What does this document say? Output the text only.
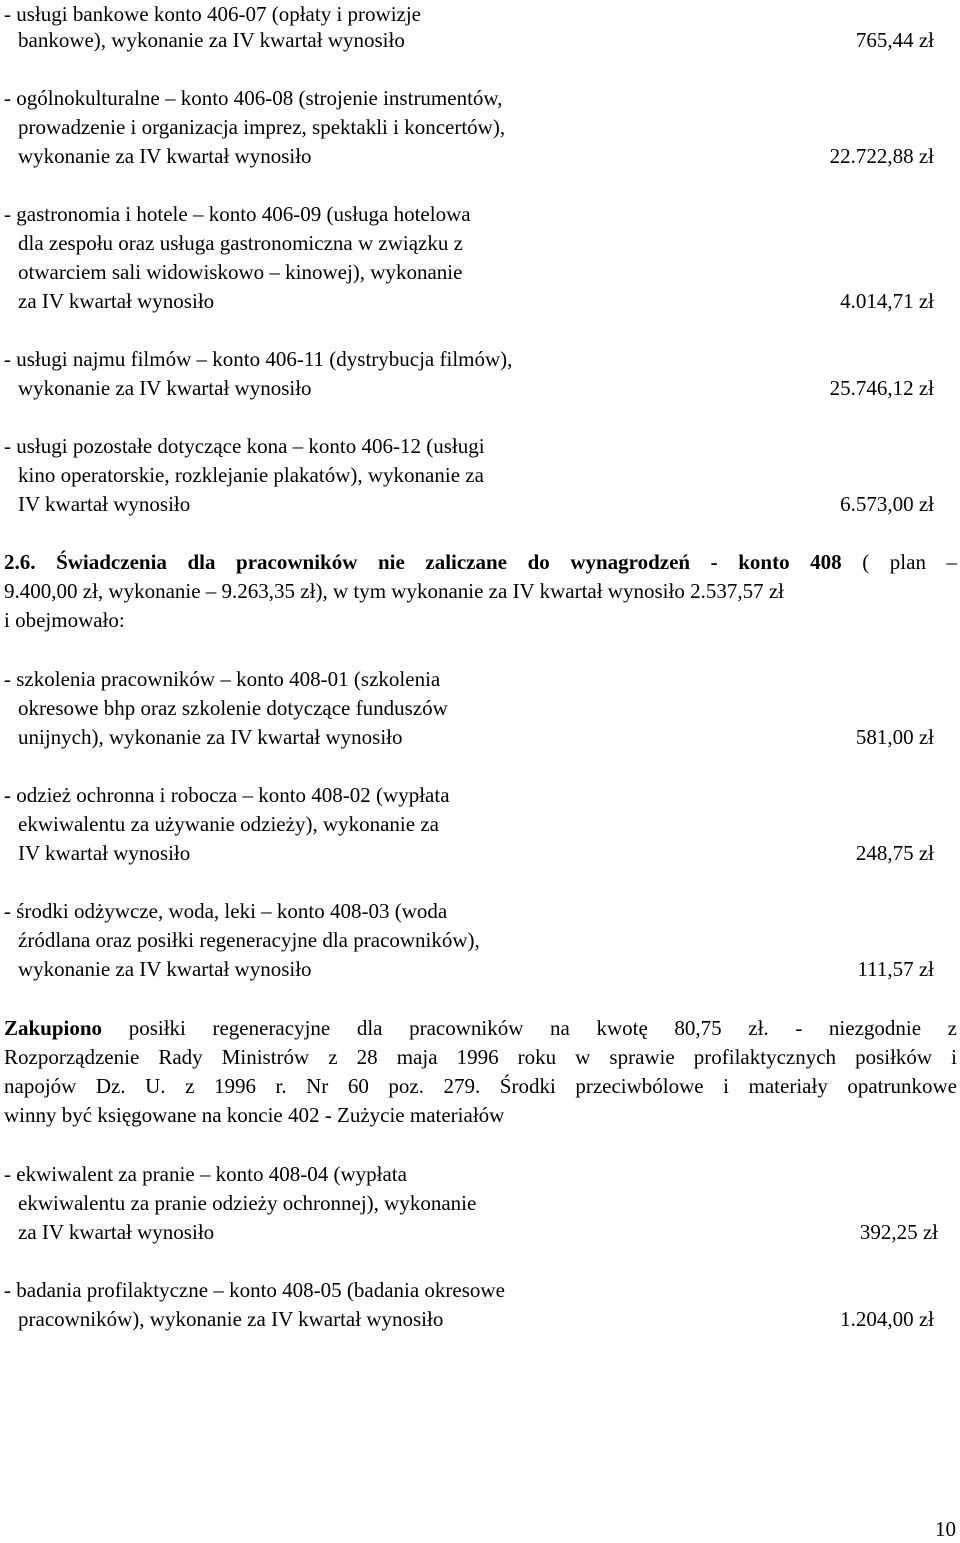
- usługi bankowe konto 406-07 (opłaty i prowizje
bankowe), wykonanie za IV kwartał wynosiło	765,44 zł
- ogólnokulturalne – konto 406-08 (strojenie instrumentów,
prowadzenie i organizacja imprez, spektakli i koncertów),
wykonanie za IV kwartał wynosiło	22.722,88 zł
- gastronomia i hotele – konto 406-09 (usługa hotelowa
dla zespołu oraz usługa gastronomiczna w związku z
otwarciem sali widowiskowo – kinowej), wykonanie
za IV kwartał wynosiło	4.014,71 zł
- usługi najmu filmów – konto 406-11 (dystrybucja filmów),
wykonanie za IV kwartał wynosiło	25.746,12 zł
- usługi pozostałe dotyczące kona – konto 406-12 (usługi
kino operatorskie, rozklejanie plakatów), wykonanie za
IV kwartał wynosiło	6.573,00 zł
2.6. Świadczenia dla pracowników nie zaliczane do wynagrodzeń - konto 408 ( plan –
9.400,00 zł, wykonanie – 9.263,35 zł), w tym wykonanie za IV kwartał wynosiło 2.537,57 zł
i obejmowało:
- szkolenia pracowników – konto 408-01 (szkolenia
okresowe bhp oraz szkolenie dotyczące funduszów
unijnych), wykonanie za IV kwartał wynosiło	581,00 zł
- odzież ochronna i robocza – konto 408-02 (wypłata
ekwiwalentu za używanie odzieży), wykonanie za
IV kwartał wynosiło	248,75 zł
- środki odżywcze, woda, leki – konto 408-03 (woda
źródlana oraz posiłki regeneracyjne dla pracowników),
wykonanie za IV kwartał wynosiło	111,57 zł
Zakupiono posiłki regeneracyjne dla pracowników na kwotę 80,75 zł. - niezgodnie z
Rozporządzenie Rady Ministrów z 28 maja 1996 roku w sprawie profilaktycznych posiłków i
napojów Dz. U. z 1996 r. Nr 60 poz. 279. Środki przeciwbólowe i materiały opatrunkowe
winny być księgowane na koncie 402 - Zużycie materiałów
- ekwiwalent za pranie – konto 408-04 (wypłata
ekwiwalentu za pranie odzieży ochronnej), wykonanie
za IV kwartał wynosiło	392,25 zł
- badania profilaktyczne – konto 408-05 (badania okresowe
pracowników), wykonanie za IV kwartał wynosiło	1.204,00 zł
10
